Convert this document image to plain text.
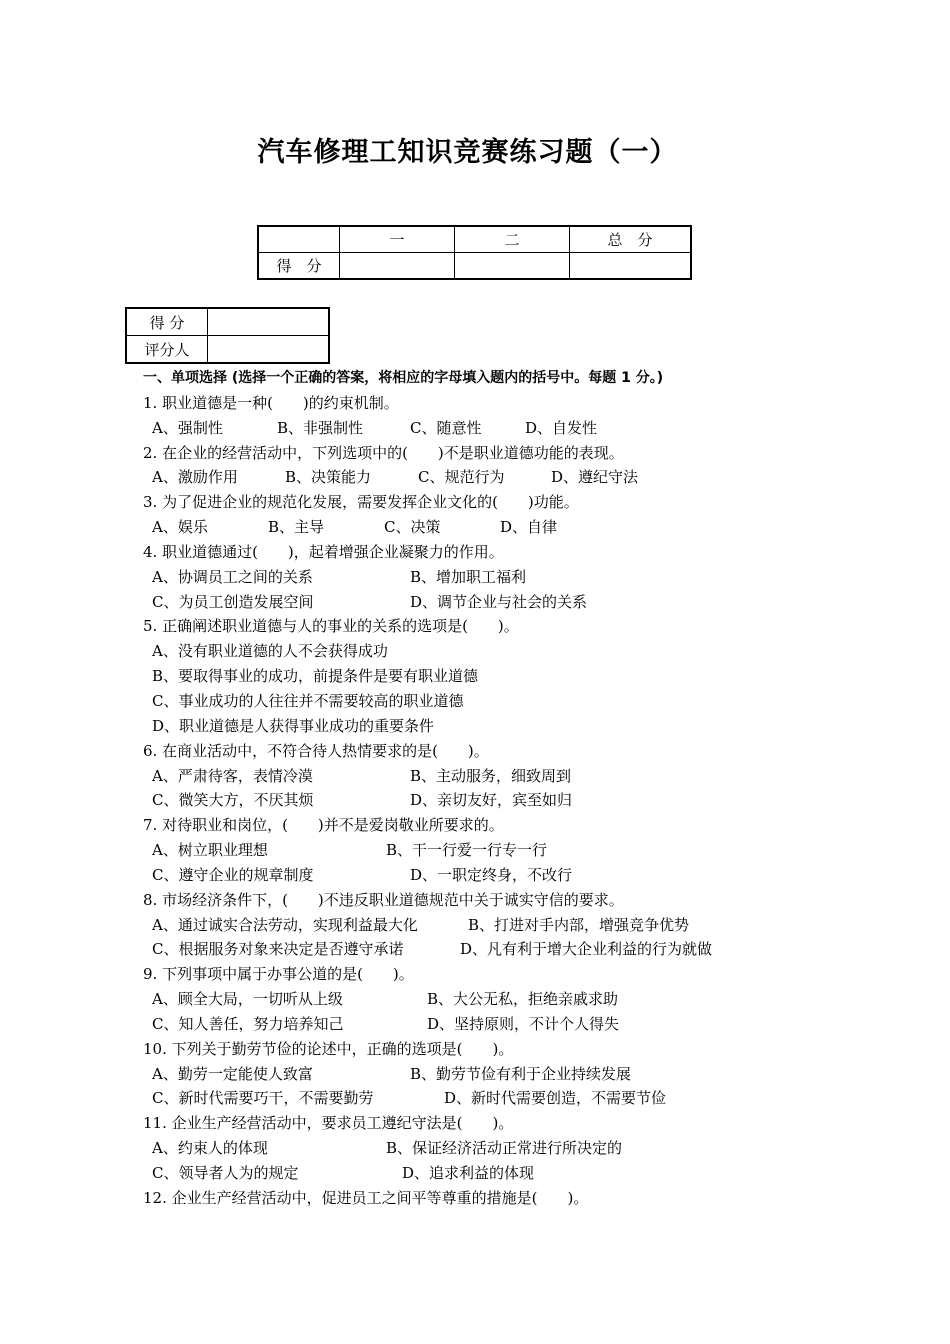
汽车修理工知识竞赛练习题（一）
	一	二	总　分
得　分			
得 分	
评分人	
一、单项选择 (选择一个正确的答案，将相应的字母填入题内的括号中。每题 1 分。)
1. 职业道德是一种(　　)的约束机制。
A、强制性	B、非强制性	C、随意性	D、自发性
2. 在企业的经营活动中，下列选项中的(　　)不是职业道德功能的表现。
A、激励作用	B、决策能力	C、规范行为	D、遵纪守法
3. 为了促进企业的规范化发展，需要发挥企业文化的(　　)功能。
A、娱乐	B、主导	C、决策	D、自律
4. 职业道德通过(　　)，起着增强企业凝聚力的作用。
A、协调员工之间的关系	B、增加职工福利
C、为员工创造发展空间	D、调节企业与社会的关系
5. 正确阐述职业道德与人的事业的关系的选项是(　　)。
A、没有职业道德的人不会获得成功
B、要取得事业的成功，前提条件是要有职业道德
C、事业成功的人往往并不需要较高的职业道德
D、职业道德是人获得事业成功的重要条件
6. 在商业活动中，不符合待人热情要求的是(　　)。
A、严肃待客，表情冷漠	B、主动服务，细致周到
C、微笑大方，不厌其烦	D、亲切友好，宾至如归
7. 对待职业和岗位，(　　)并不是爱岗敬业所要求的。
A、树立职业理想	B、干一行爱一行专一行
C、遵守企业的规章制度	D、一职定终身，不改行
8. 市场经济条件下，(　　)不违反职业道德规范中关于诚实守信的要求。
A、通过诚实合法劳动，实现利益最大化	B、打进对手内部，增强竞争优势
C、根据服务对象来决定是否遵守承诺	D、凡有利于增大企业利益的行为就做
9. 下列事项中属于办事公道的是(　　)。
A、顾全大局，一切听从上级	B、大公无私，拒绝亲戚求助
C、知人善任，努力培养知己	D、坚持原则，不计个人得失
10. 下列关于勤劳节俭的论述中，正确的选项是(　　)。
A、勤劳一定能使人致富	B、勤劳节俭有利于企业持续发展
C、新时代需要巧干，不需要勤劳	D、新时代需要创造，不需要节俭
11. 企业生产经营活动中，要求员工遵纪守法是(　　)。
A、约束人的体现	B、保证经济活动正常进行所决定的
C、领导者人为的规定	D、追求利益的体现
12. 企业生产经营活动中，促进员工之间平等尊重的措施是(　　)。
